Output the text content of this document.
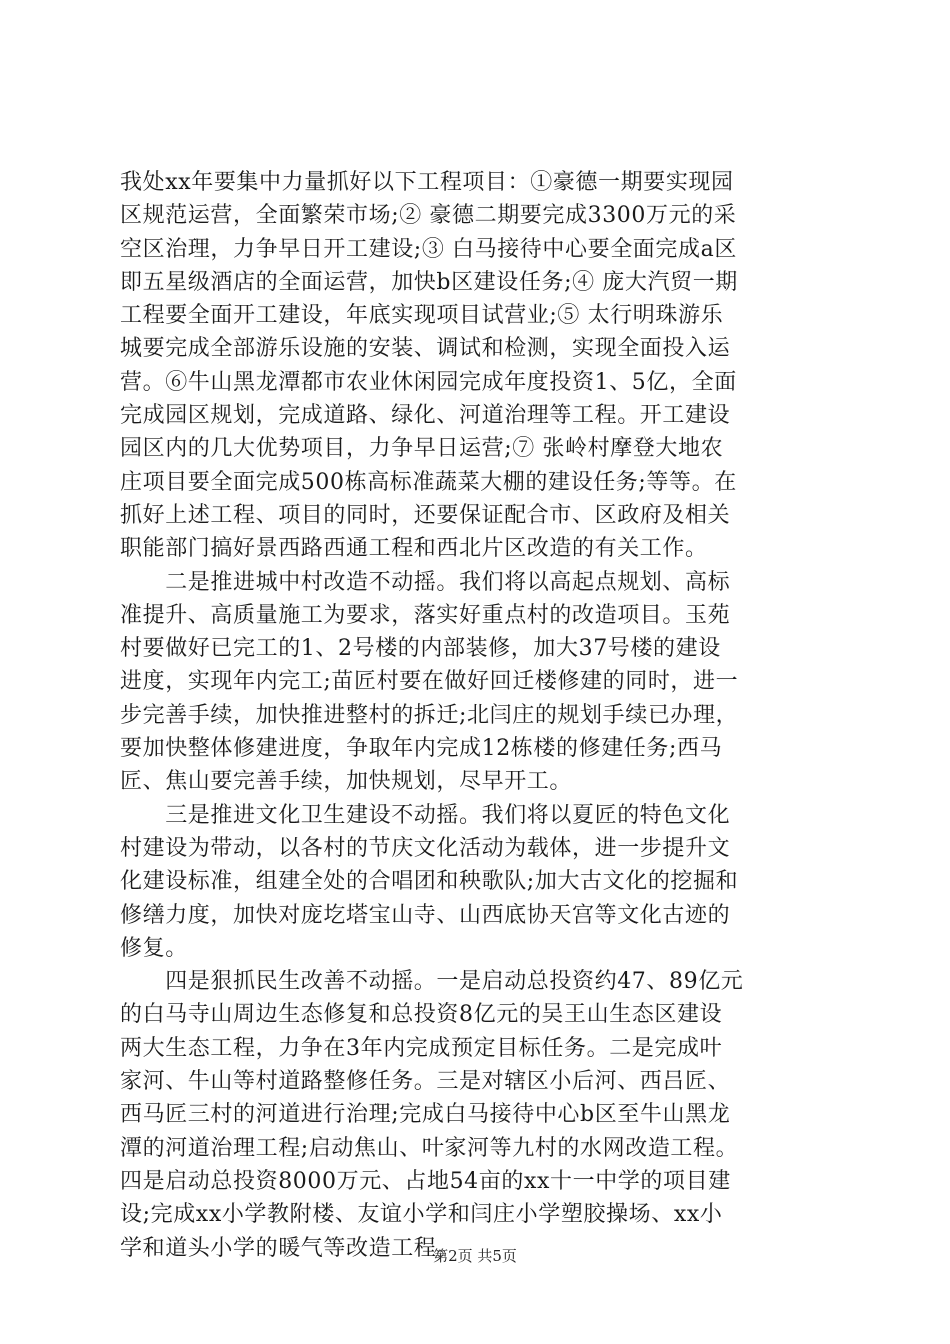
我处xx年要集中力量抓好以下工程项目：①豪德一期要实现园
区规范运营，全面繁荣市场;② 豪德二期要完成3300万元的采
空区治理，力争早日开工建设;③ 白马接待中心要全面完成a区
即五星级酒店的全面运营，加快b区建设任务;④ 庞大汽贸一期
工程要全面开工建设，年底实现项目试营业;⑤ 太行明珠游乐
城要完成全部游乐设施的安装、调试和检测，实现全面投入运
营。⑥牛山黑龙潭都市农业休闲园完成年度投资1、5亿，全面
完成园区规划，完成道路、绿化、河道治理等工程。开工建设
园区内的几大优势项目，力争早日运营;⑦ 张岭村摩登大地农
庄项目要全面完成500栋高标准蔬菜大棚的建设任务;等等。在
抓好上述工程、项目的同时，还要保证配合市、区政府及相关
职能部门搞好景西路西通工程和西北片区改造的有关工作。
　　二是推进城中村改造不动摇。我们将以高起点规划、高标
准提升、高质量施工为要求，落实好重点村的改造项目。玉苑
村要做好已完工的1、2号楼的内部装修，加大37号楼的建设
进度，实现年内完工;苗匠村要在做好回迁楼修建的同时，进一
步完善手续，加快推进整村的拆迁;北闫庄的规划手续已办理，
要加快整体修建进度，争取年内完成12栋楼的修建任务;西马
匠、焦山要完善手续，加快规划，尽早开工。
　　三是推进文化卫生建设不动摇。我们将以夏匠的特色文化
村建设为带动，以各村的节庆文化活动为载体，进一步提升文
化建设标准，组建全处的合唱团和秧歌队;加大古文化的挖掘和
修缮力度，加快对庞圪塔宝山寺、山西底协天宫等文化古迹的
修复。
　　四是狠抓民生改善不动摇。一是启动总投资约47、89亿元
的白马寺山周边生态修复和总投资8亿元的吴王山生态区建设
两大生态工程，力争在3年内完成预定目标任务。二是完成叶
家河、牛山等村道路整修任务。三是对辖区小后河、西吕匠、
西马匠三村的河道进行治理;完成白马接待中心b区至牛山黑龙
潭的河道治理工程;启动焦山、叶家河等九村的水网改造工程。
四是启动总投资8000万元、占地54亩的xx十一中学的项目建
设;完成xx小学教附楼、友谊小学和闫庄小学塑胶操场、xx小
学和道头小学的暖气等改造工程。
第2页 共5页
